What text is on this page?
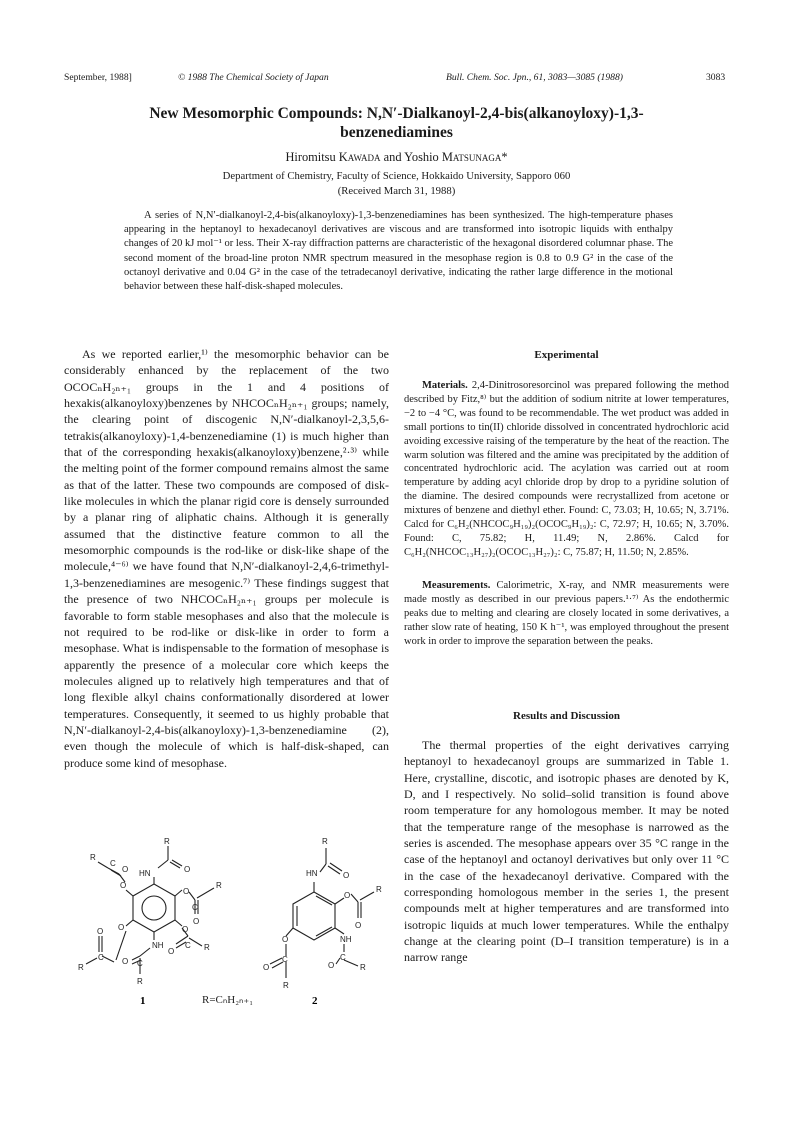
September, 1988]	© 1988 The Chemical Society of Japan	Bull. Chem. Soc. Jpn., 61, 3083—3085 (1988)	3083
New Mesomorphic Compounds: N,N′-Dialkanoyl-2,4-bis(alkanoyloxy)-1,3-benzenediamines
Hiromitsu Kawada and Yoshio Matsunaga*
Department of Chemistry, Faculty of Science, Hokkaido University, Sapporo 060
(Received March 31, 1988)
A series of N,N′-dialkanoyl-2,4-bis(alkanoyloxy)-1,3-benzenediamines has been synthesized. The high-temperature phases appearing in the heptanoyl to hexadecanoyl derivatives are viscous and are transformed into isotropic liquids with enthalpy changes of 20 kJ mol⁻¹ or less. Their X-ray diffraction patterns are characteristic of the hexagonal disordered columnar phase. The second moment of the broad-line proton NMR spectrum measured in the mesophase region is 0.8 to 0.9 G² in the case of the octanoyl derivative and 0.04 G² in the case of the tetradecanoyl derivative, indicating the rather large difference in the motional behavior between these half-disk-shaped molecules.
As we reported earlier,¹⁾ the mesomorphic behavior can be considerably enhanced by the replacement of the two OCOCₙH₂ₙ₊₁ groups in the 1 and 4 positions of hexakis(alkanoyloxy)benzenes by NHCOCₙH₂ₙ₊₁ groups; namely, the clearing point of discogenic N,N′-dialkanoyl-2,3,5,6-tetrakis(alkanoyloxy)-1,4-benzenediamine (1) is much higher than that of the corresponding hexakis(alkanoyloxy)benzene,²·³⁾ while the melting point of the former compound remains almost the same as that of the latter. These two compounds are composed of disk-like molecules in which the planar rigid core is densely surrounded by a planar ring of aliphatic chains. Although it is generally assumed that the distinctive feature common to all the mesomorphic compounds is the rod-like or disk-like shape of the molecule,⁴⁻⁶⁾ we have found that N,N′-dialkanoyl-2,4,6-trimethyl-1,3-benzenediamines are mesogenic.⁷⁾ These findings suggest that the presence of two NHCOCₙH₂ₙ₊₁ groups per molecule is favorable to form stable mesophases and also that the molecule is not required to be rod-like or disk-like in order to form a mesophase. What is indispensable to the formation of mesophase is apparently the presence of a molecular core which keeps the molecules aligned up to relatively high temperatures and that of long flexible alkyl chains conformationally disordered at lower temperatures. Consequently, it seemed to us highly probable that N,N′-dialkanoyl-2,4-bis(alkanoyloxy)-1,3-benzenediamine (2), even though the molecule of which is half-disk-shaped, can produce some kind of mesophase.
Experimental
Materials. 2,4-Dinitrosoresorcinol was prepared following the method described by Fitz,⁸⁾ but the addition of sodium nitrite at lower temperatures, −2 to −4 °C, was found to be recommendable. The wet product was added in small portions to tin(II) chloride dissolved in concentrated hydrochloric acid avoiding excessive raising of the temperature by the heat of the reaction. The warm solution was filtered and the amine was precipitated by the addition of concentrated hydrochloric acid. The acylation was carried out at room temperature by adding acyl chloride drop by drop to a pyridine solution of the diamine. The desired compounds were recrystallized from acetone or mixtures of benzene and diethyl ether. Found: C, 73.03; H, 10.65; N, 3.71%. Calcd for C₆H₂(NHCOC₉H₁₉)₂(OCOC₉H₁₉)₂: C, 72.97; H, 10.65; N, 3.70%. Found: C, 75.82; H, 11.49; N, 2.86%. Calcd for C₆H₂(NHCOC₁₃H₂₇)₂(OCOC₁₃H₂₇)₂: C, 75.87; H, 11.50; N, 2.85%.
Measurements. Calorimetric, X-ray, and NMR measurements were made mostly as described in our previous papers.¹·⁷⁾ As the endothermic peaks due to melting and clearing are closely located in some derivatives, a rather slow rate of heating, 150 K h⁻¹, was employed throughout the present work in order to improve the separation between the peaks.
Results and Discussion
The thermal properties of the eight derivatives carrying heptanoyl to hexadecanoyl groups are summarized in Table 1. Here, crystalline, discotic, and isotropic phases are denoted by K, D, and I respectively. No solid–solid transition is found above room temperature for any homologous member. It may be noted that the temperature range of the mesophase is narrowed as the series is ascended. The mesophase appears over 35 °C range in the case of the heptanoyl and octanoyl derivatives but only over 11 °C in the case of the hexadecanoyl derivative. Compared with the corresponding homologous member in the series 1, the present compounds melt at higher temperatures and are transformed into isotropic liquids at much lower temperatures. While the enthalpy change at the clearing point (D–I transition temperature) is in a narrow range
R
HN	O
R
C
O
O
O
C
O
R
O
C
R
O
NH
O C
R
O
O
C R
R
HN	O
O
O
R
NH
C
O	R
O
C
O
R
1	2
R=CₙH₂ₙ₊₁
